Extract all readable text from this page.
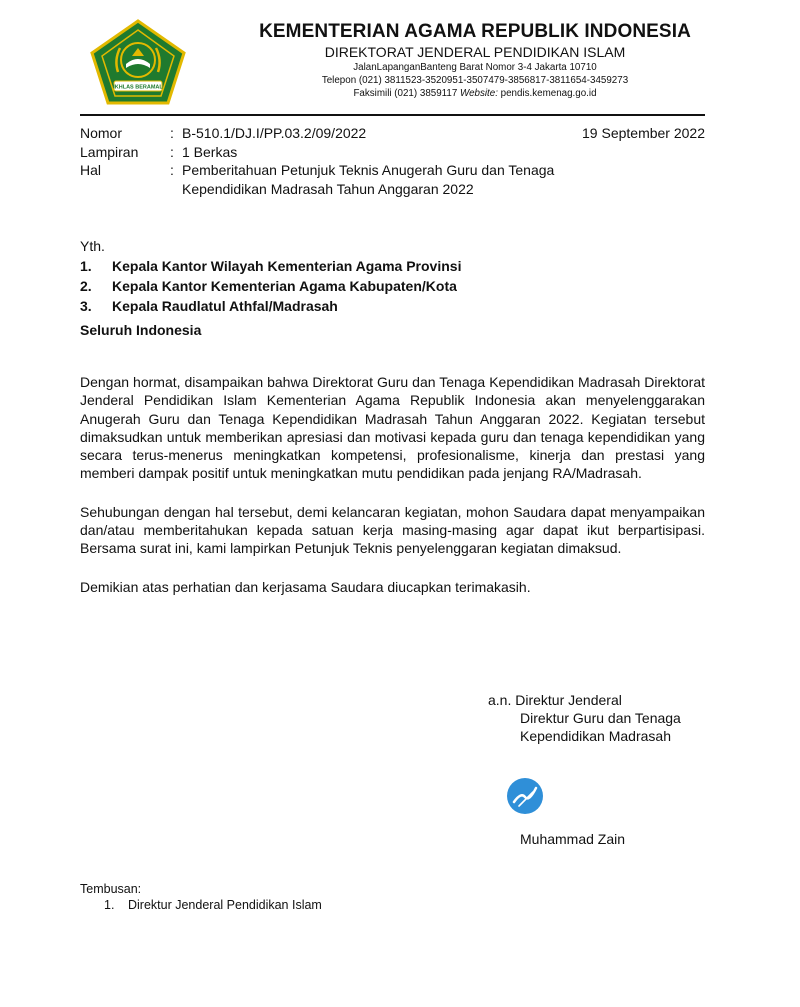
IKHLAS BERAMAL
KEMENTERIAN AGAMA REPUBLIK INDONESIA
DIREKTORAT JENDERAL PENDIDIKAN ISLAM
JalanLapanganBanteng Barat Nomor 3-4 Jakarta 10710
Telepon (021) 3811523-3520951-3507479-3856817-3811654-3459273
Faksimili (021) 3859117 Website: pendis.kemenag.go.id
Nomor	: B-510.1/DJ.I/PP.03.2/09/2022	19 September 2022
Lampiran	: 1 Berkas
Hal	: Pemberitahuan Petunjuk Teknis Anugerah Guru dan Tenaga Kependidikan Madrasah Tahun Anggaran 2022
Yth.
1.	Kepala Kantor Wilayah Kementerian Agama Provinsi
2.	Kepala Kantor Kementerian Agama Kabupaten/Kota
3.	Kepala Raudlatul Athfal/Madrasah
Seluruh Indonesia

Dengan hormat, disampaikan bahwa Direktorat Guru dan Tenaga Kependidikan Madrasah Direktorat Jenderal Pendidikan Islam Kementerian Agama Republik Indonesia akan menyelenggarakan Anugerah Guru dan Tenaga Kependidikan Madrasah Tahun Anggaran 2022. Kegiatan tersebut dimaksudkan untuk memberikan apresiasi dan motivasi kepada guru dan tenaga kependidikan yang secara terus-menerus meningkatkan kompetensi, profesionalisme, kinerja dan prestasi yang memberi dampak positif untuk meningkatkan mutu pendidikan pada jenjang RA/Madrasah.

Sehubungan dengan hal tersebut, demi kelancaran kegiatan, mohon Saudara dapat menyampaikan dan/atau memberitahukan kepada satuan kerja masing-masing agar dapat ikut berpartisipasi. Bersama surat ini, kami lampirkan Petunjuk Teknis penyelenggaran kegiatan dimaksud.

Demikian atas perhatian dan kerjasama Saudara diucapkan terimakasih.

a.n. Direktur Jenderal
Direktur Guru dan Tenaga
Kependidikan Madrasah
Muhammad Zain
Tembusan:
1.	Direktur Jenderal Pendidikan Islam
